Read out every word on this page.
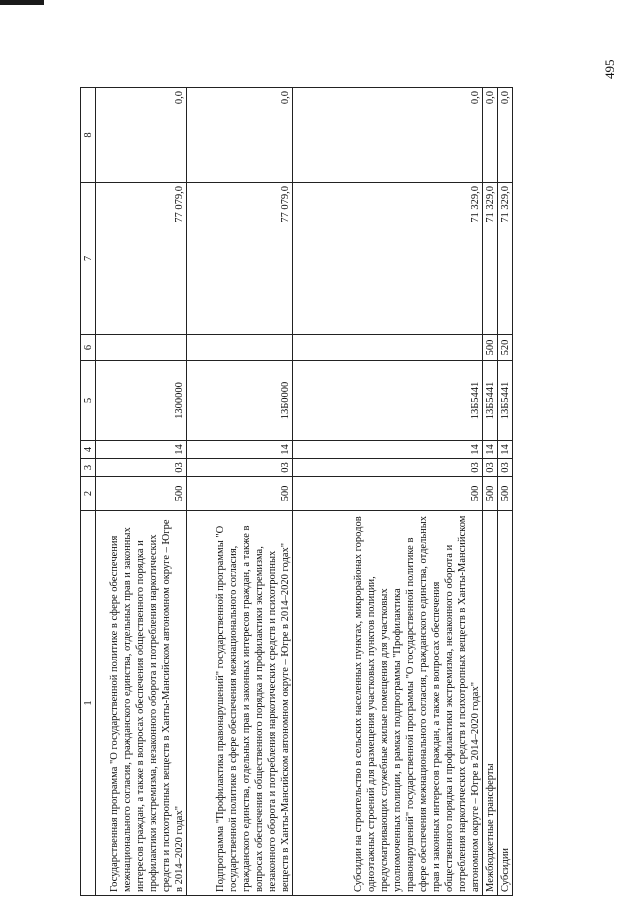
495
1	2	3	4	5	6	7	8
Государственная программа "О государственной политике в сфере обеспечения межнационального согласия, гражданского единства, отдельных прав и законных интересов граждан, а также в вопросах обеспечения общественного порядка и профилактики экстремизма, незаконного оборота и потребления наркотических средств и психотропных веществ в Ханты-Мансийском автономном округе – Югре в 2014–2020 годах"	500	03	14	1300000		77 079,0	0,0
Подпрограмма "Профилактика правонарушений" государственной программы "О государственной политике в сфере обеспечения межнационального согласия, гражданского единства, отдельных прав и законных интересов граждан, а также в вопросах обеспечения общественного порядка и профилактики экстремизма, незаконного оборота и потребления наркотических средств и психотропных веществ в Ханты-Мансийском автономном округе – Югре в 2014–2020 годах"	500	03	14	13Б0000		77 079,0	0,0
Субсидии на строительство в сельских населенных пунктах, микрорайонах городов одноэтажных строений для размещения участковых пунктов полиции, предусматривающих служебные жилые помещения для участковых уполномоченных полиции, в рамках подпрограммы "Профилактика правонарушений" государственной программы "О государственной политике в сфере обеспечения межнационального согласия, гражданского единства, отдельных прав и законных интересов граждан, а также в вопросах обеспечения общественного порядка и профилактики экстремизма, незаконного оборота и потребления наркотических средств и психотропных веществ в Ханты-Мансийском автономном округе – Югре в 2014–2020 годах"	500	03	14	13Б5441		71 329,0	0,0
Межбюджетные трансферты	500	03	14	13Б5441	500	71 329,0	0,0
Субсидии	500	03	14	13Б5441	520	71 329,0	0,0
